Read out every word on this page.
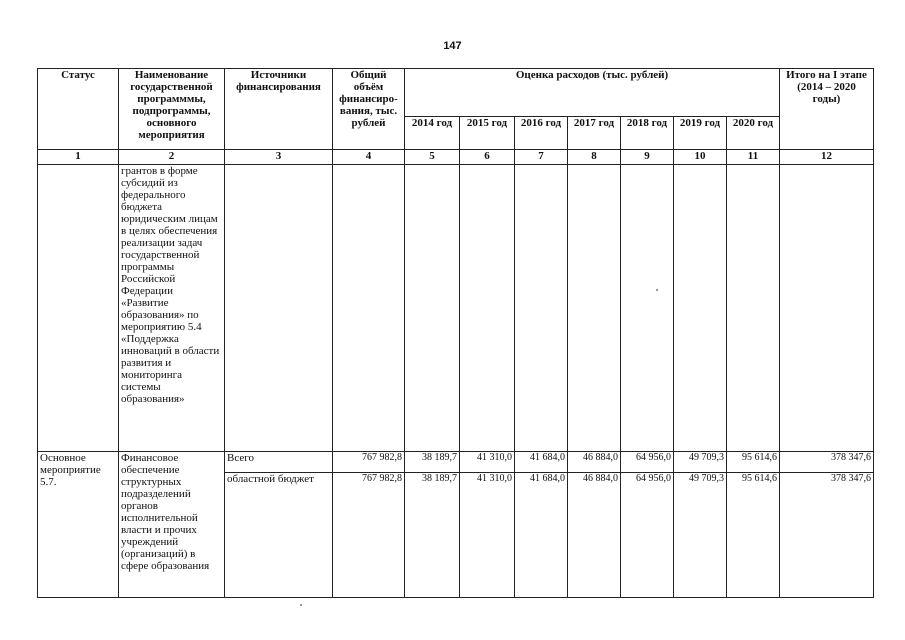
147
Статус	Наименование государственной программмы, подпрограммы, основного мероприятия	Источники финансирования	Общий объём финансиро-вания, тыс. рублей	Оценка расходов (тыс. рублей)							Итого на I этапе (2014 – 2020 годы)
				2014 год	2015 год	2016 год	2017 год	2018 год	2019 год	2020 год	
1	2	3	4	5	6	7	8	9	10	11	12
	грантов в форме субсидий из федерального бюджета юридическим лицам в целях обеспечения реализации задач государственной программы Российской Федерации «Развитие образования» по мероприятию 5.4 «Поддержка инноваций в области развития и мониторинга системы образования»										
Основное мероприятие 5.7.	Финансовое обеспечение структурных подразделений органов исполнительной власти и прочих учреждений (организаций) в сфере образования	Всего	767 982,8	38 189,7	41 310,0	41 684,0	46 884,0	64 956,0	49 709,3	95 614,6	378 347,6
		областной бюджет	767 982,8	38 189,7	41 310,0	41 684,0	46 884,0	64 956,0	49 709,3	95 614,6	378 347,6
